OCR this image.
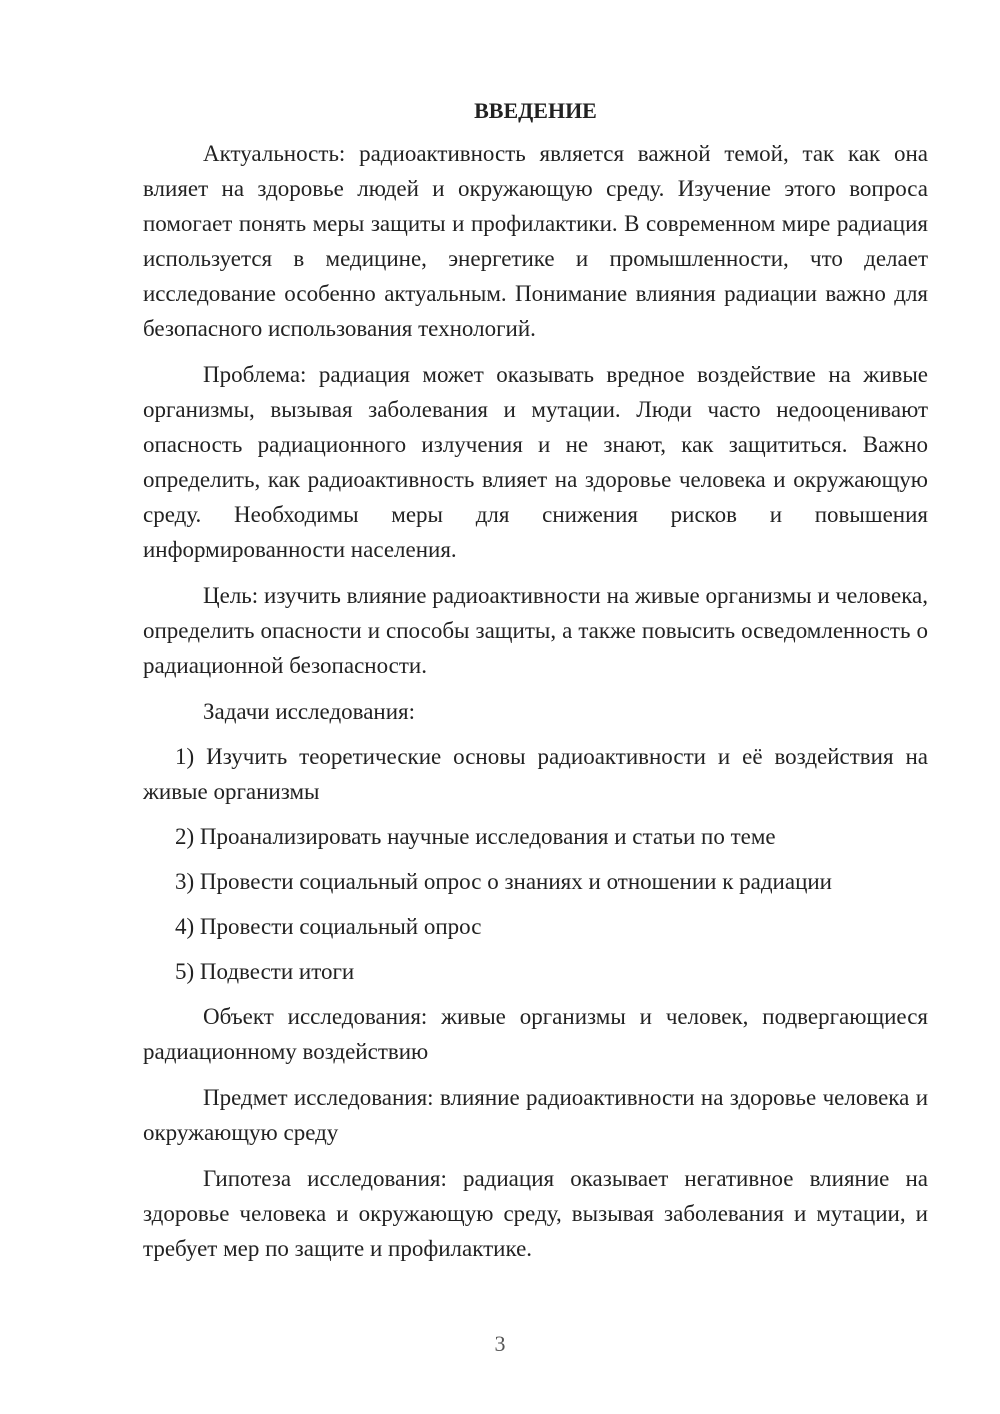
ВВЕДЕНИЕ

Актуальность: радиоактивность является важной темой, так как она влияет на здоровье людей и окружающую среду. Изучение этого вопроса помогает понять меры защиты и профилактики. В современном мире радиация используется в медицине, энергетике и промышленности, что делает исследование особенно актуальным. Понимание влияния радиации важно для безопасного использования технологий.

Проблема: радиация может оказывать вредное воздействие на живые организмы, вызывая заболевания и мутации. Люди часто недооценивают опасность радиационного излучения и не знают, как защититься. Важно определить, как радиоактивность влияет на здоровье человека и окружающую среду. Необходимы меры для снижения рисков и повышения информированности населения.

Цель: изучить влияние радиоактивности на живые организмы и человека, определить опасности и способы защиты, а также повысить осведомленность о радиационной безопасности.

Задачи исследования:

1) Изучить теоретические основы радиоактивности и её воздействия на живые организмы

2) Проанализировать научные исследования и статьи по теме

3) Провести социальный опрос о знаниях и отношении к радиации

4) Провести социальный опрос

5) Подвести итоги

Объект исследования: живые организмы и человек, подвергающиеся радиационному воздействию

Предмет исследования: влияние радиоактивности на здоровье человека и окружающую среду

Гипотеза исследования: радиация оказывает негативное влияние на здоровье человека и окружающую среду, вызывая заболевания и мутации, и требует мер по защите и профилактике.

3
